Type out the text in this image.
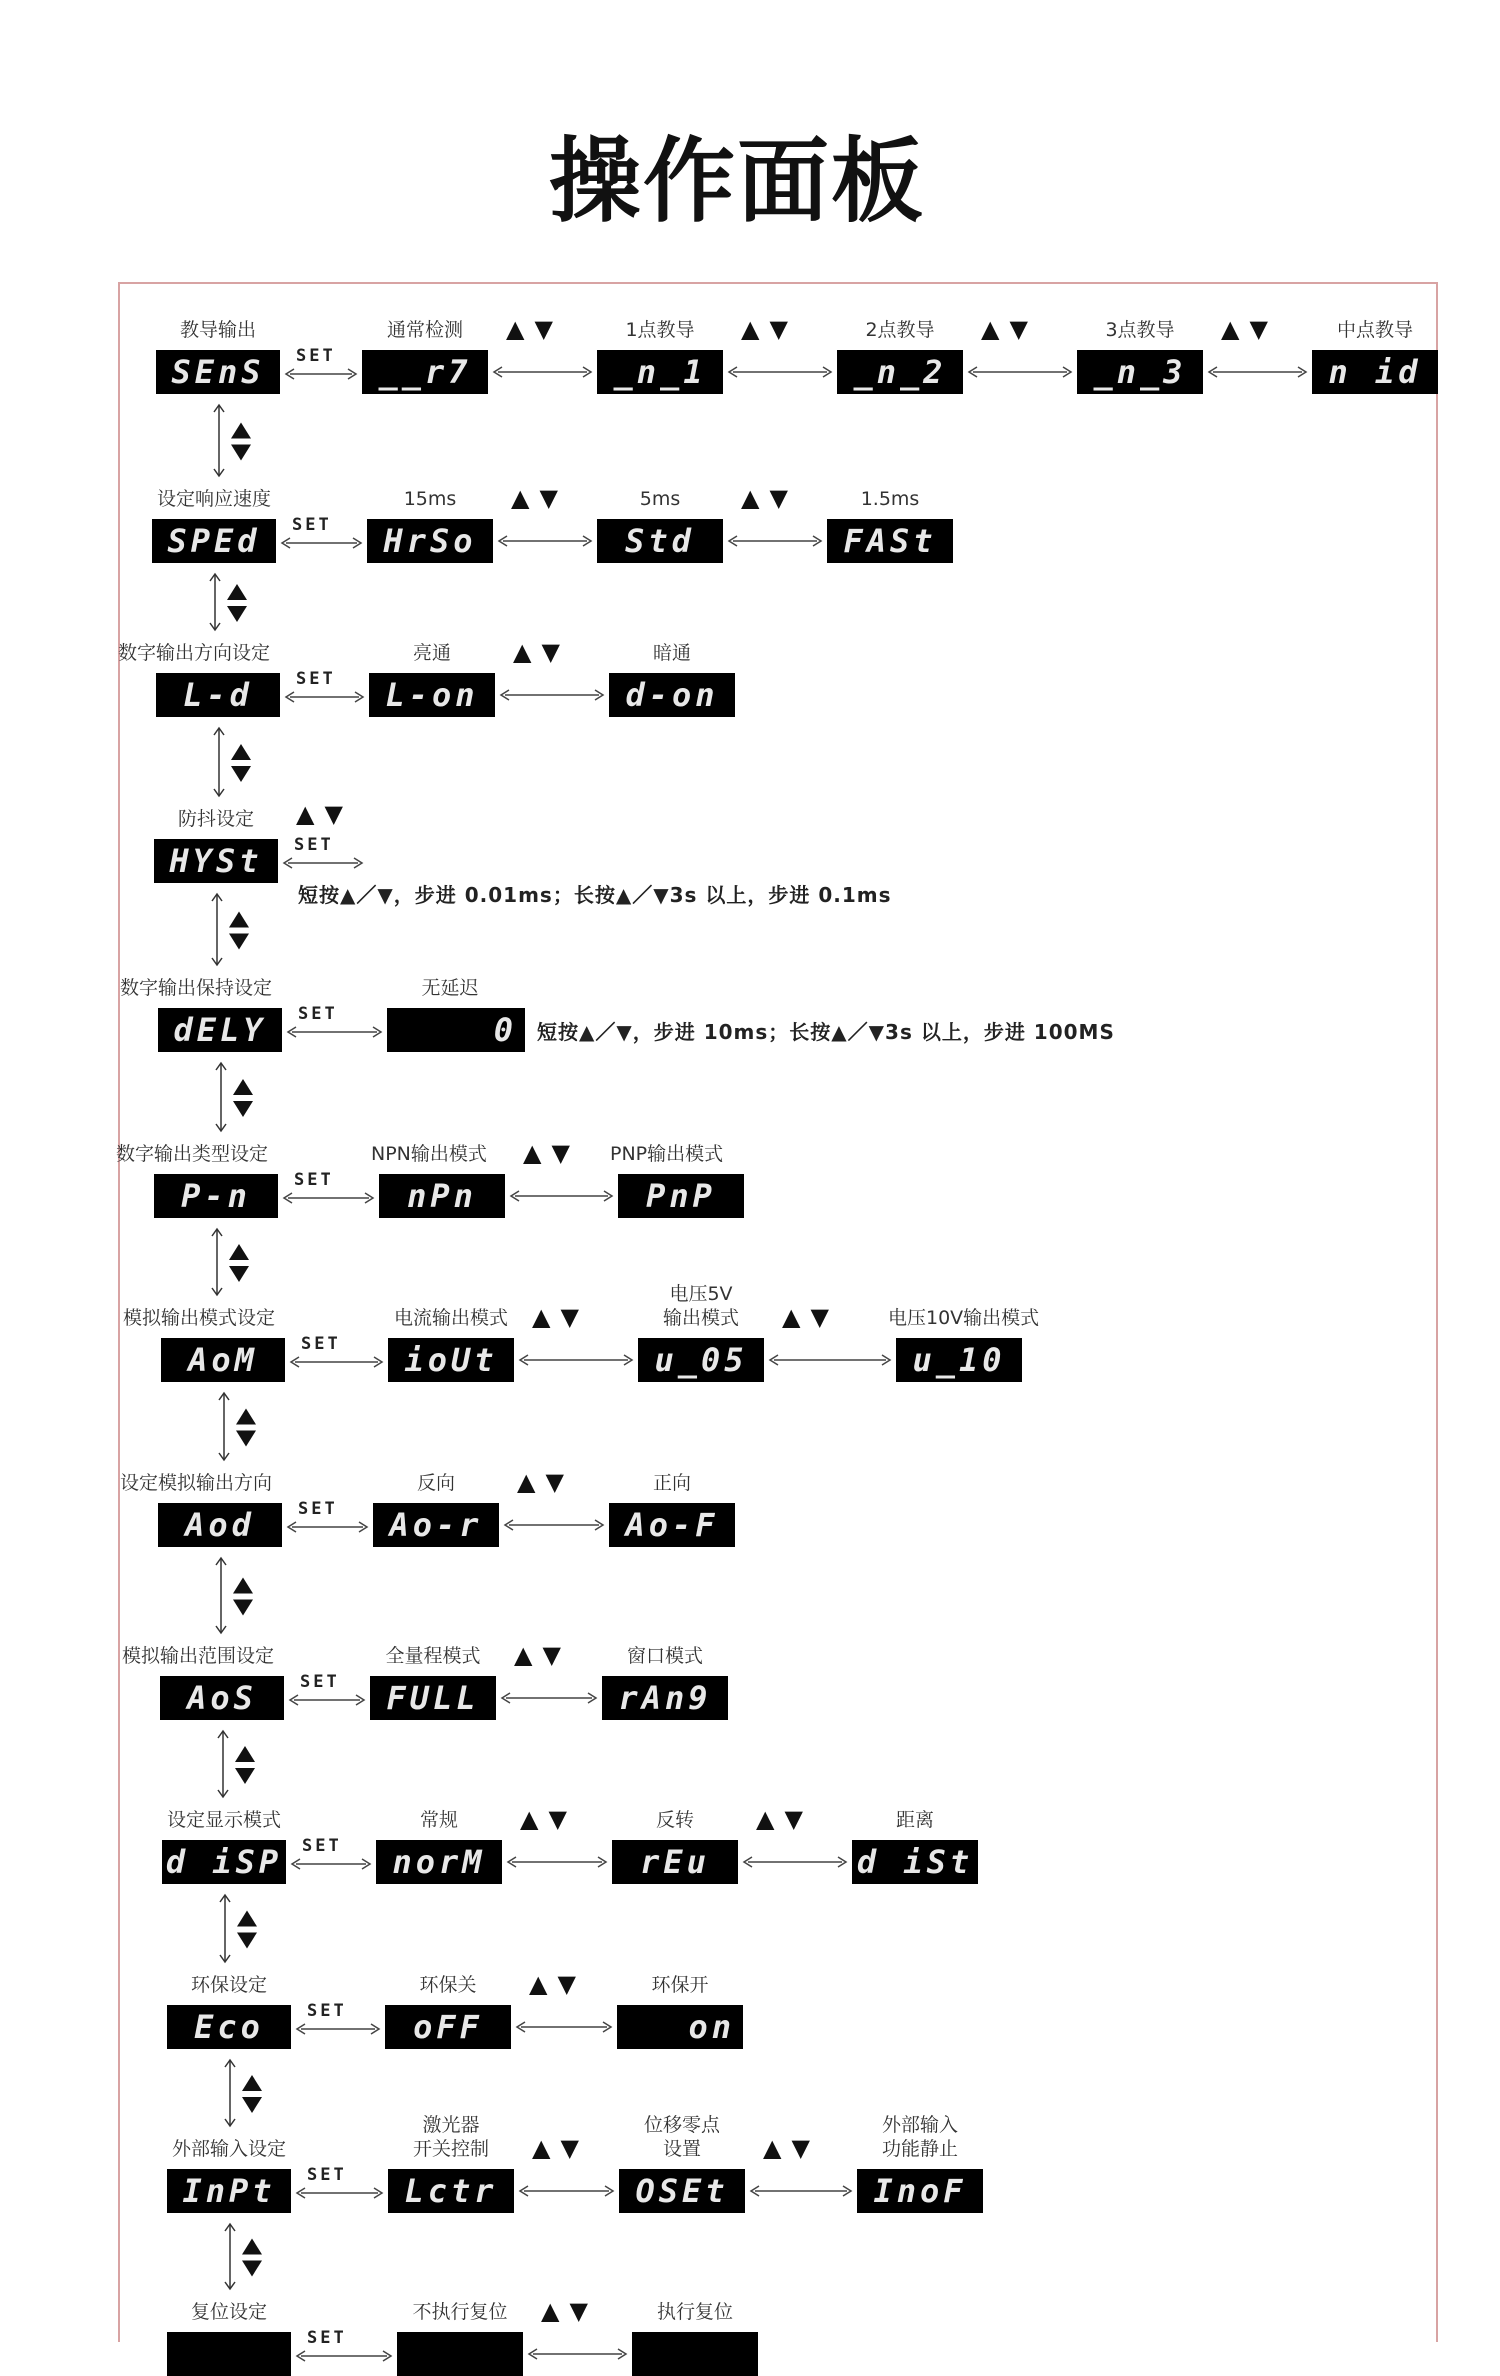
操作面板
教导输出
SEnS	SET
通常检测
__r7
▲▼	1点教导
_n_1
▲▼	2点教导
_n_2
▲▼	3点教导
_n_3
▲▼	中点教导
n id
设定响应速度
SPEd	SET
15ms
HrSo
▲▼	5ms
Std
▲▼	1.5ms
FASt
数字输出方向设定
L-d	SET
亮通
L-on
▲▼	暗通
d-on
防抖设定
HYSt	SET
▲▼
短按▲／▼，步进 0.01ms；长按▲／▼3s 以上，步进 0.1ms
数字输出保持设定
dELY	SET
无延迟
0	短按▲／▼，步进 10ms；长按▲／▼3s 以上，步进 100MS
数字输出类型设定
P-n	SET
NPN输出模式
nPn
▲▼ PNP输出模式
PnP
模拟输出模式设定
AoM	SET
电流输出模式
ioUt
▲▼
电压5V
输出模式
u_05
▲▼	电压10V输出模式
u_10
设定模拟输出方向
Aod	SET
反向
Ao-r
▲▼	正向
Ao-F
模拟输出范围设定
AoS	SET
全量程模式
FULL
▲▼	窗口模式
rAn9
设定显示模式
d iSP SET
常规
norM
▲▼	反转
rEu
▲▼	距离
d iSt
环保设定
Eco	SET
环保关
oFF
▲▼	环保开
on
外部输入设定
InPt	SET
激光器
开关控制
Lctr
▲▼
位移零点
设置
OSEt
▲▼
外部输入
功能静止
InoF
复位设定
SET
不执行复位	▲▼	执行复位
